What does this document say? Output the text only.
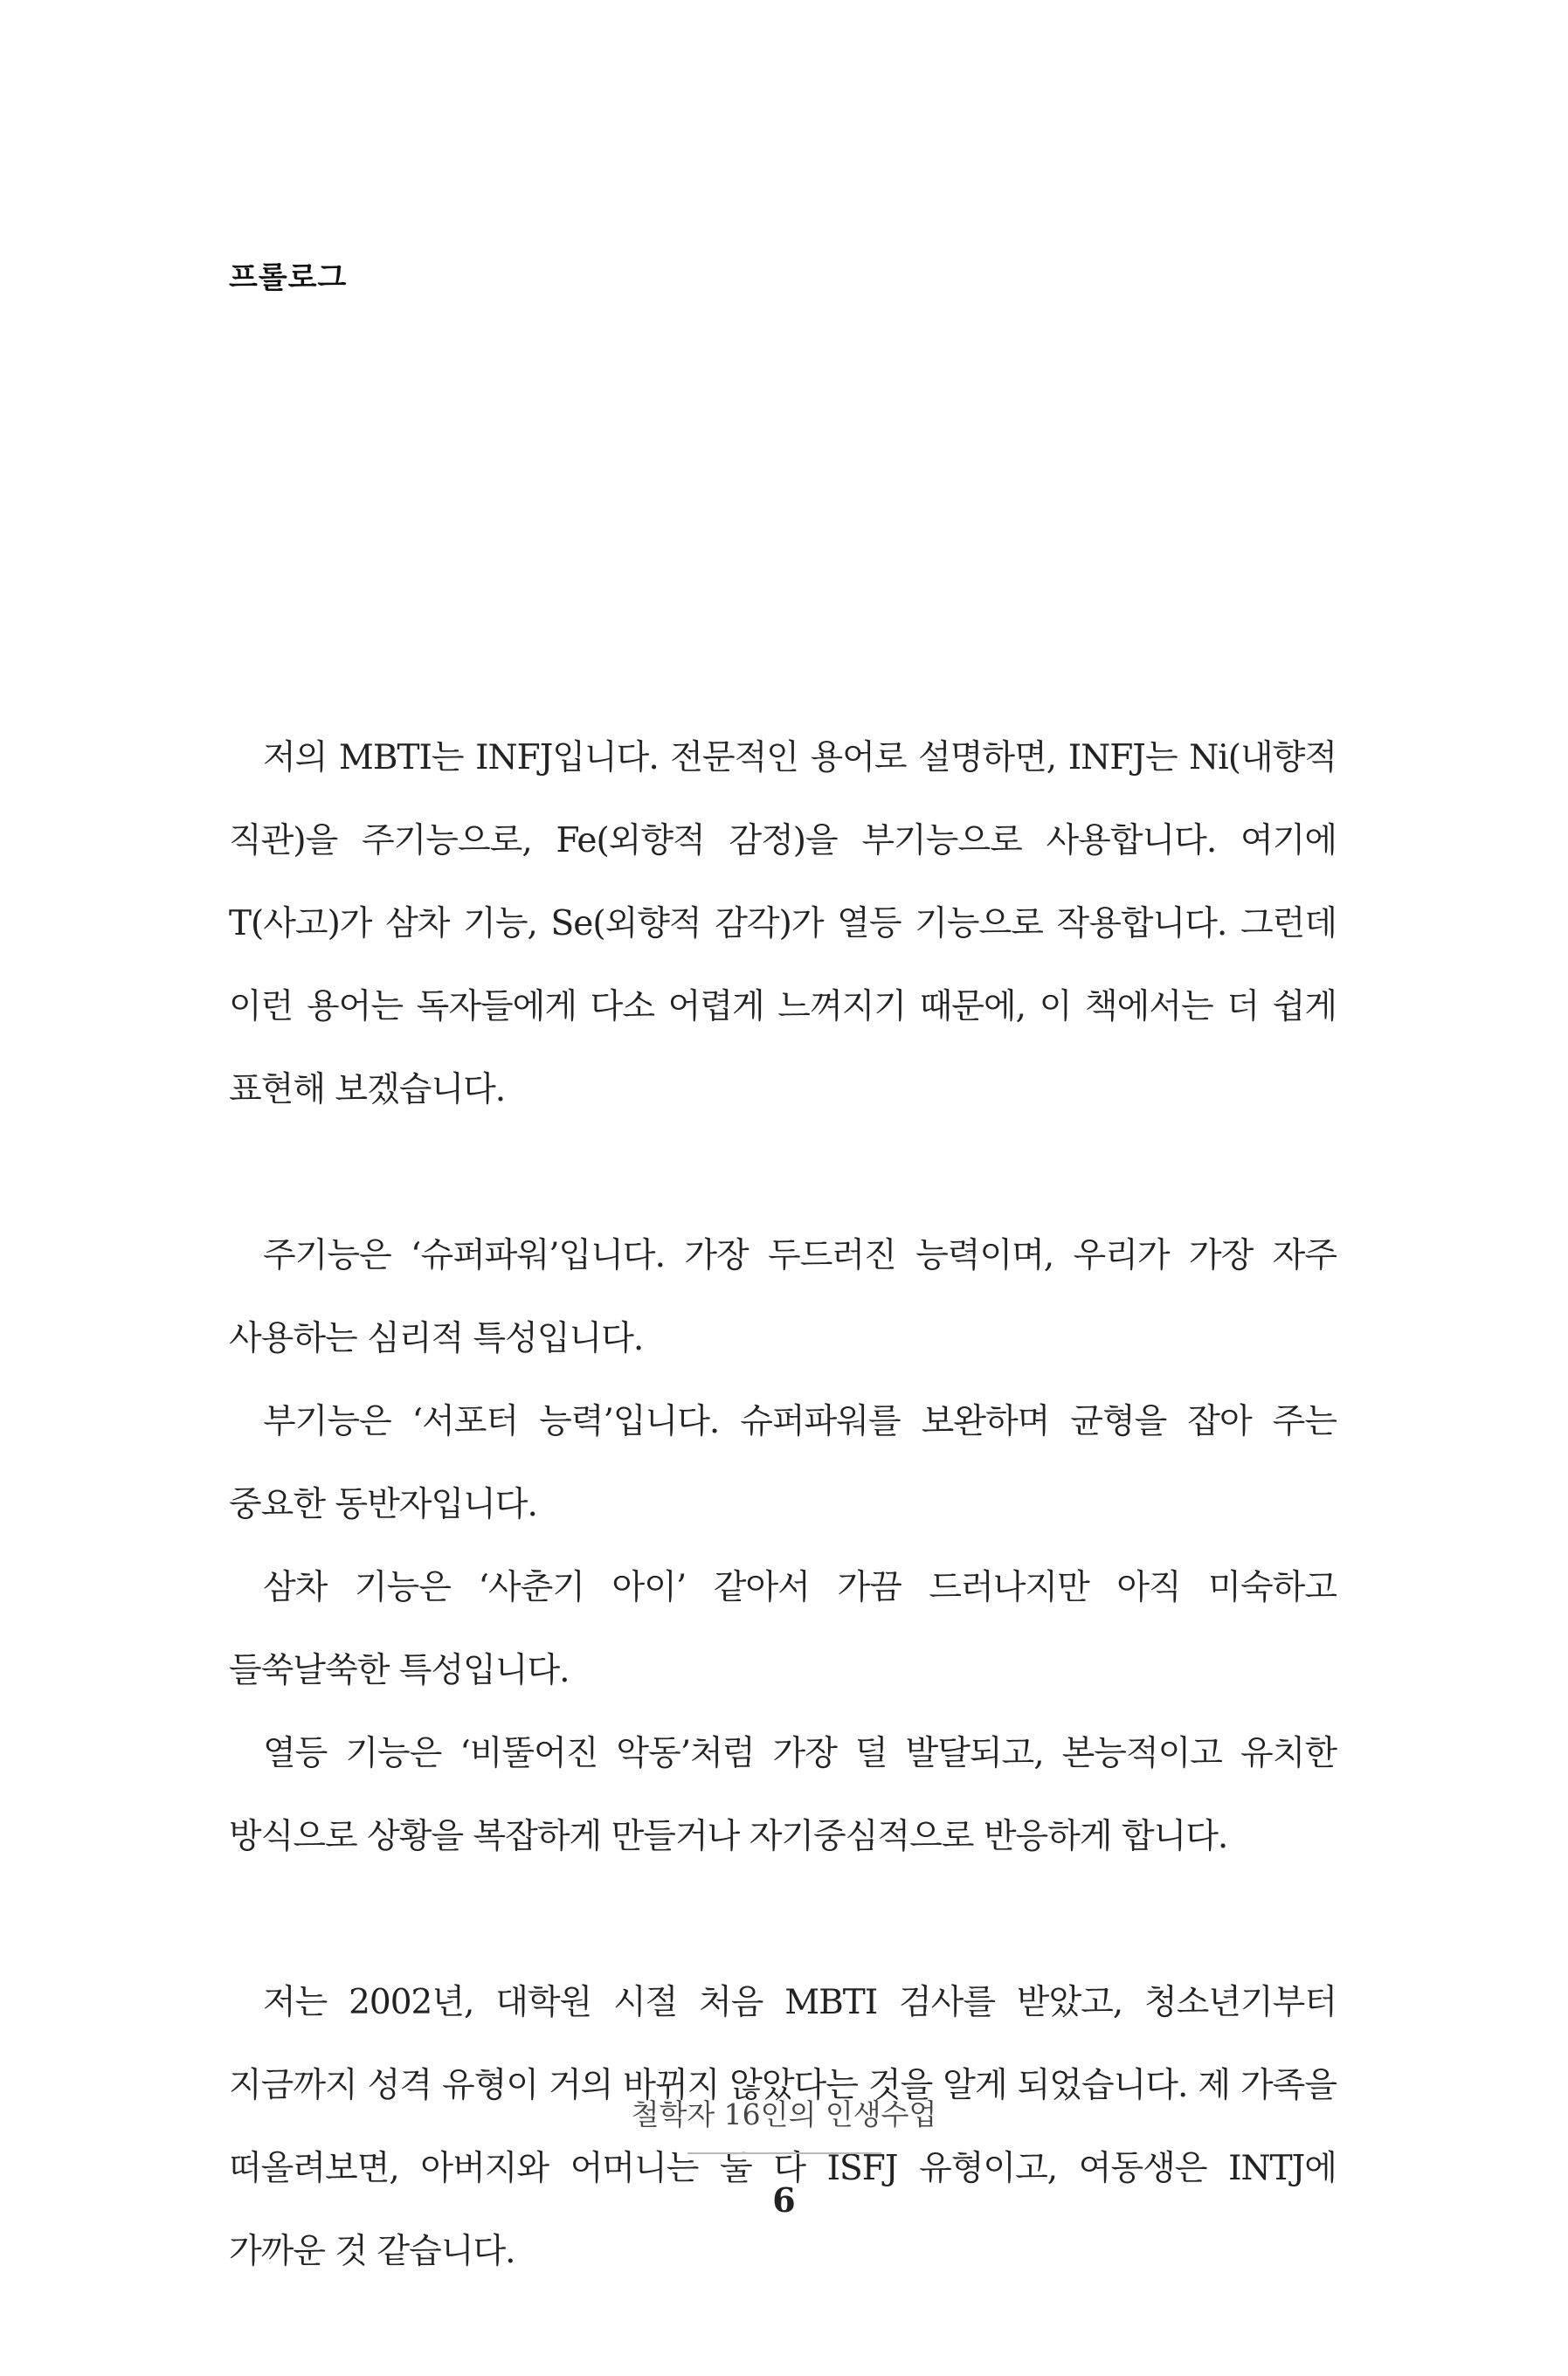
프롤로그

저의 MBTI는 INFJ입니다. 전문적인 용어로 설명하면, INFJ는 Ni(내향적 직관)을 주기능으로, Fe(외향적 감정)을 부기능으로 사용합니다. 여기에 T(사고)가 삼차 기능, Se(외향적 감각)가 열등 기능으로 작용합니다. 그런데 이런 용어는 독자들에게 다소 어렵게 느껴지기 때문에, 이 책에서는 더 쉽게 표현해 보겠습니다.

주기능은 ‘슈퍼파워’입니다. 가장 두드러진 능력이며, 우리가 가장 자주 사용하는 심리적 특성입니다.

부기능은 ‘서포터 능력’입니다. 슈퍼파워를 보완하며 균형을 잡아 주는 중요한 동반자입니다.

삼차 기능은 ‘사춘기 아이’ 같아서 가끔 드러나지만 아직 미숙하고 들쑥날쑥한 특성입니다.

열등 기능은 ‘비뚤어진 악동’처럼 가장 덜 발달되고, 본능적이고 유치한 방식으로 상황을 복잡하게 만들거나 자기중심적으로 반응하게 합니다.

저는 2002년, 대학원 시절 처음 MBTI 검사를 받았고, 청소년기부터 지금까지 성격 유형이 거의 바뀌지 않았다는 것을 알게 되었습니다. 제 가족을 떠올려보면, 아버지와 어머니는 둘 다 ISFJ 유형이고, 여동생은 INTJ에 가까운 것 같습니다.

철학자 16인의 인생수업
6
